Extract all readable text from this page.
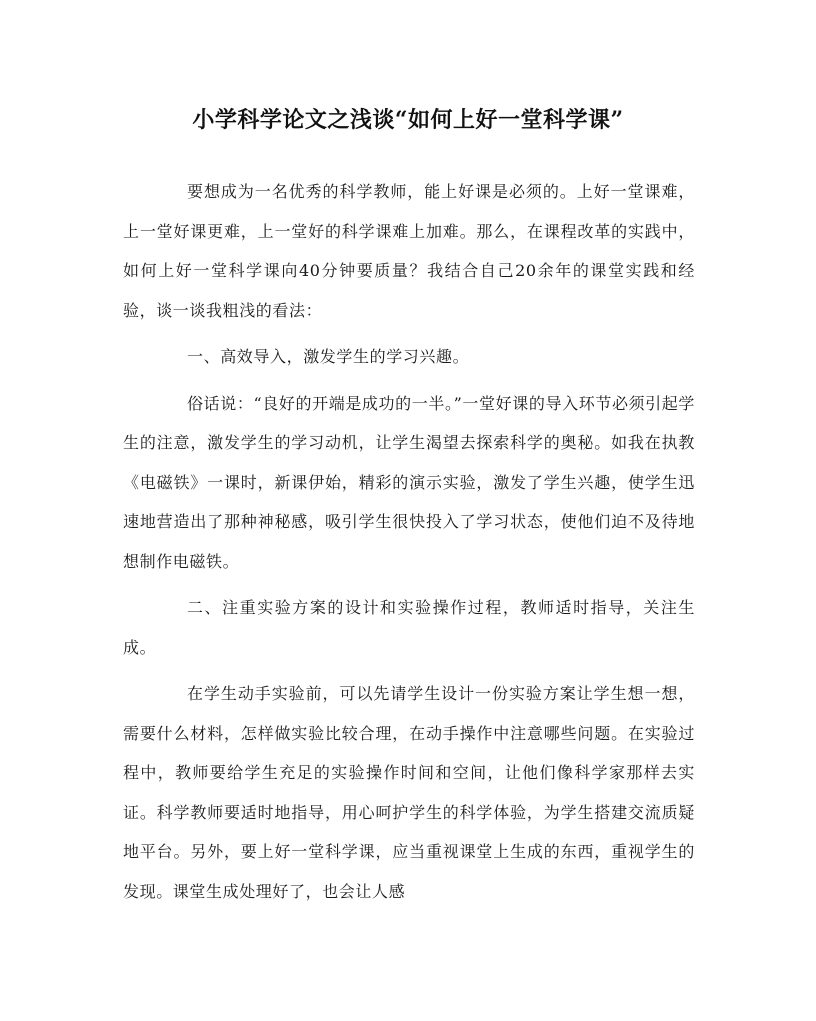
小学科学论文之浅谈“如何上好一堂科学课”

要想成为一名优秀的科学教师，能上好课是必须的。上好一堂课难，上一堂好课更难，上一堂好的科学课难上加难。那么，在课程改革的实践中，如何上好一堂科学课向40分钟要质量？我结合自己20余年的课堂实践和经验，谈一谈我粗浅的看法：

一、高效导入，激发学生的学习兴趣。

俗话说：“良好的开端是成功的一半。”一堂好课的导入环节必须引起学生的注意，激发学生的学习动机，让学生渴望去探索科学的奥秘。如我在执教《电磁铁》一课时，新课伊始，精彩的演示实验，激发了学生兴趣，使学生迅速地营造出了那种神秘感，吸引学生很快投入了学习状态，使他们迫不及待地想制作电磁铁。

二、注重实验方案的设计和实验操作过程，教师适时指导，关注生成。

在学生动手实验前，可以先请学生设计一份实验方案让学生想一想，需要什么材料，怎样做实验比较合理，在动手操作中注意哪些问题。在实验过程中，教师要给学生充足的实验操作时间和空间，让他们像科学家那样去实证。科学教师要适时地指导，用心呵护学生的科学体验，为学生搭建交流质疑地平台。另外，要上好一堂科学课，应当重视课堂上生成的东西，重视学生的发现。课堂生成处理好了，也会让人感
